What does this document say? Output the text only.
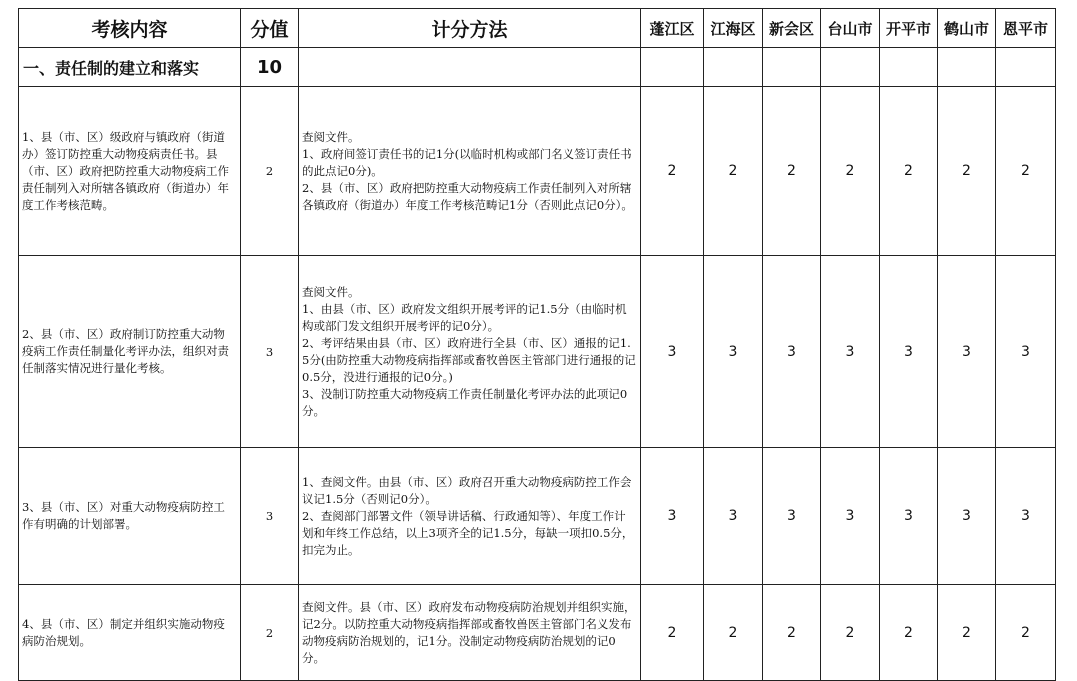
考核内容	分值	计分方法	蓬江区	江海区	新会区	台山市	开平市	鹤山市	恩平市
一、责任制的建立和落实	10								
1、县（市、区）级政府与镇政府（街道办）签订防控重大动物疫病责任书。县（市、区）政府把防控重大动物疫病工作责任制列入对所辖各镇政府（街道办）年度工作考核范畴。	2	查阅文件。
1、政府间签订责任书的记1分(以临时机构或部门名义签订责任书的此点记0分)。
2、县（市、区）政府把防控重大动物疫病工作责任制列入对所辖各镇政府（街道办）年度工作考核范畴记1分（否则此点记0分）。	2	2	2	2	2	2	2
2、县（市、区）政府制订防控重大动物疫病工作责任制量化考评办法，组织对责任制落实情况进行量化考核。	3	查阅文件。
1、由县（市、区）政府发文组织开展考评的记1.5分（由临时机构或部门发文组织开展考评的记0分）。
2、考评结果由县（市、区）政府进行全县（市、区）通报的记1.5分(由防控重大动物疫病指挥部或畜牧兽医主管部门进行通报的记0.5分，没进行通报的记0分。)
3、没制订防控重大动物疫病工作责任制量化考评办法的此项记0分。	3	3	3	3	3	3	3
3、县（市、区）对重大动物疫病防控工作有明确的计划部署。	3	1、查阅文件。由县（市、区）政府召开重大动物疫病防控工作会议记1.5分（否则记0分）。
2、查阅部门部署文件（领导讲话稿、行政通知等）、年度工作计划和年终工作总结，以上3项齐全的记1.5分，每缺一项扣0.5分，扣完为止。	3	3	3	3	3	3	3
4、县（市、区）制定并组织实施动物疫病防治规划。	2	查阅文件。县（市、区）政府发布动物疫病防治规划并组织实施，记2分。以防控重大动物疫病指挥部或畜牧兽医主管部门名义发布动物疫病防治规划的，记1分。没制定动物疫病防治规划的记0分。	2	2	2	2	2	2	2
